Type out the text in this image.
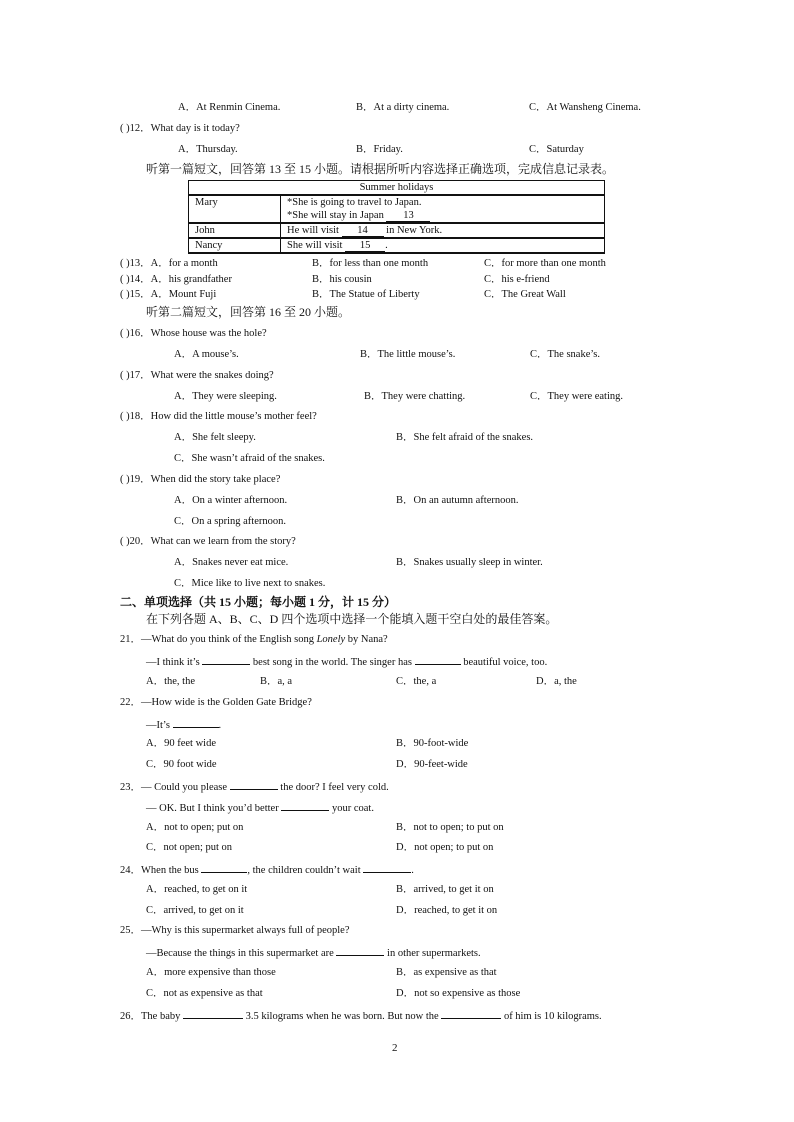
A．At Renmin Cinema.	B．At a dirty cinema.	C．At Wansheng Cinema.
( )12．What day is it today?
A．Thursday.	B．Friday.	C．Saturday
听第一篇短文，回答第 13 至 15 小题。请根据所听内容选择正确选项，完成信息记录表。
Summer holidays	
Mary	*She is going to travel to Japan.
*She will stay in Japan 13

John	He will visit 14 in New York.
Nancy	She will visit 15 .
( )13．A．for a month	B．for less than one month	C．for more than one month
( )14．A．his grandfather	B．his cousin	C．his e-friend
( )15．A．Mount Fuji	B．The Statue of Liberty	C．The Great Wall
听第二篇短文，回答第 16 至 20 小题。
( )16．Whose house was the hole?
A．A mouse’s.	B．The little mouse’s.	C．The snake’s.
( )17．What were the snakes doing?
A．They were sleeping.	B．They were chatting.	C．They were eating.
( )18．How did the little mouse’s mother feel?
A．She felt sleepy.	B．She felt afraid of the snakes.
C．She wasn’t afraid of the snakes.
( )19．When did the story take place?
A．On a winter afternoon.	B．On an autumn afternoon.
C．On a spring afternoon.
( )20．What can we learn from the story?
A．Snakes never eat mice.	B．Snakes usually sleep in winter.
C．Mice like to live next to snakes.
二、单项选择（共 15 小题；每小题 1 分，计 15 分）
在下列各题 A、B、C、D 四个选项中选择一个能填入题干空白处的最佳答案。
21．—What do you think of the English song Lonely by Nana?
—I think it’s	best song in the world. The singer has	beautiful voice, too.
A．the, the	B．a, a	C．the, a	D．a, the
22．—How wide is the Golden Gate Bridge?
—It’s	.
A．90 feet wide	B．90-foot-wide
C．90 foot wide	D．90-feet-wide
23．— Could you please	the door? I feel very cold.
— OK. But I think you’d better	your coat.
A．not to open; put on	B．not to open; to put on
C．not open; put on	D．not open; to put on
24．When the bus	, the children couldn’t wait	.
A．reached, to get on it	B．arrived, to get it on
C．arrived, to get on it	D．reached, to get it on
25．—Why is this supermarket always full of people?
—Because the things in this supermarket are	in other supermarkets.
A．more expensive than those	B．as expensive as that
C．not as expensive as that	D．not so expensive as those
26．The baby	3.5 kilograms when he was born. But now the	of him is 10 kilograms.
2
